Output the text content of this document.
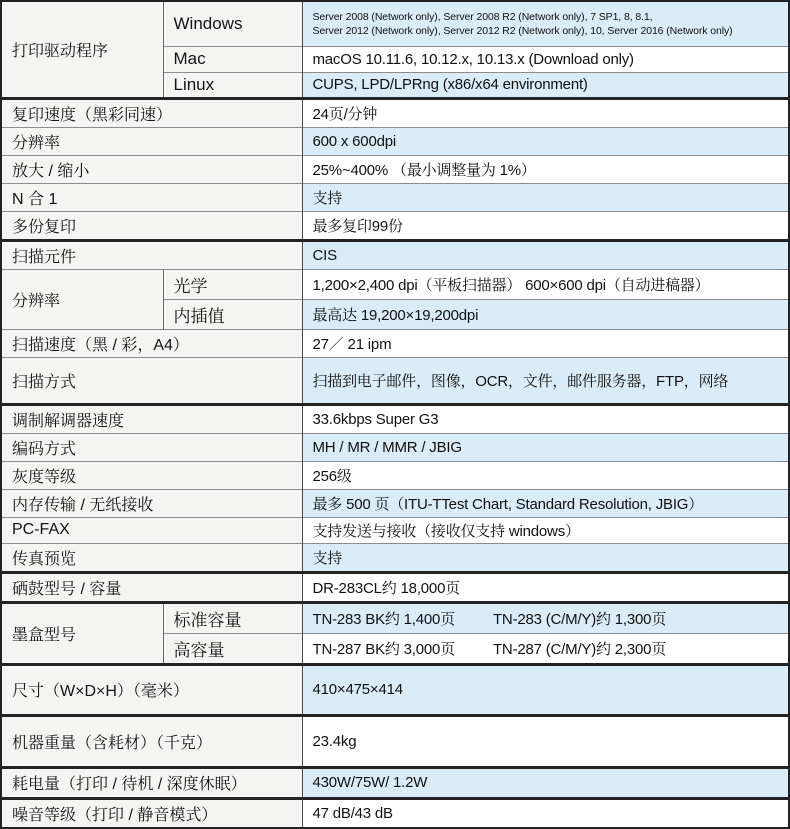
打印驱动程序	Windows	Server 2008 (Network only), Server 2008 R2 (Network only), 7 SP1, 8, 8.1,
Server 2012 (Network only), Server 2012 R2 (Network only), 10, Server 2016 (Network only)

	Mac	macOS 10.11.6, 10.12.x, 10.13.x (Download only)
	Linux	CUPS, LPD/LPRng (x86/x64 environment)
复印速度（黑彩同速）		24页/分钟
分辨率		600 x 600dpi
放大 / 缩小		25%~400% （最小调整量为 1%）
N 合 1		支持
多份复印		最多复印99份
扫描元件		CIS
分辨率	光学	1,200×2,400 dpi（平板扫描器） 600×600 dpi（自动进稿器）
	内插值	最高达 19,200×19,200dpi
扫描速度（黑 / 彩，A4）		27／ 21 ipm
扫描方式		扫描到电子邮件，图像，OCR，文件，邮件服务器，FTP，网络
调制解调器速度		33.6kbps Super G3
编码方式		MH / MR / MMR / JBIG
灰度等级		256级
内存传输 / 无纸接收		最多 500 页（ITU-TTest Chart, Standard Resolution, JBIG）
PC-FAX		支持发送与接收（接收仅支持 windows）
传真预览		支持
硒鼓型号 / 容量		DR-283CL约 18,000页
墨盒型号	标准容量	TN-283 BK约 1,400页 TN-283 (C/M/Y)约 1,300页
	高容量	TN-287 BK约 3,000页 TN-287 (C/M/Y)约 2,300页
尺寸（W×D×H）（毫米）		410×475×414
机器重量（含耗材）（千克）		23.4kg
耗电量（打印 / 待机 / 深度休眠）		430W/75W/ 1.2W
噪音等级（打印 / 静音模式）		47 dB/43 dB
